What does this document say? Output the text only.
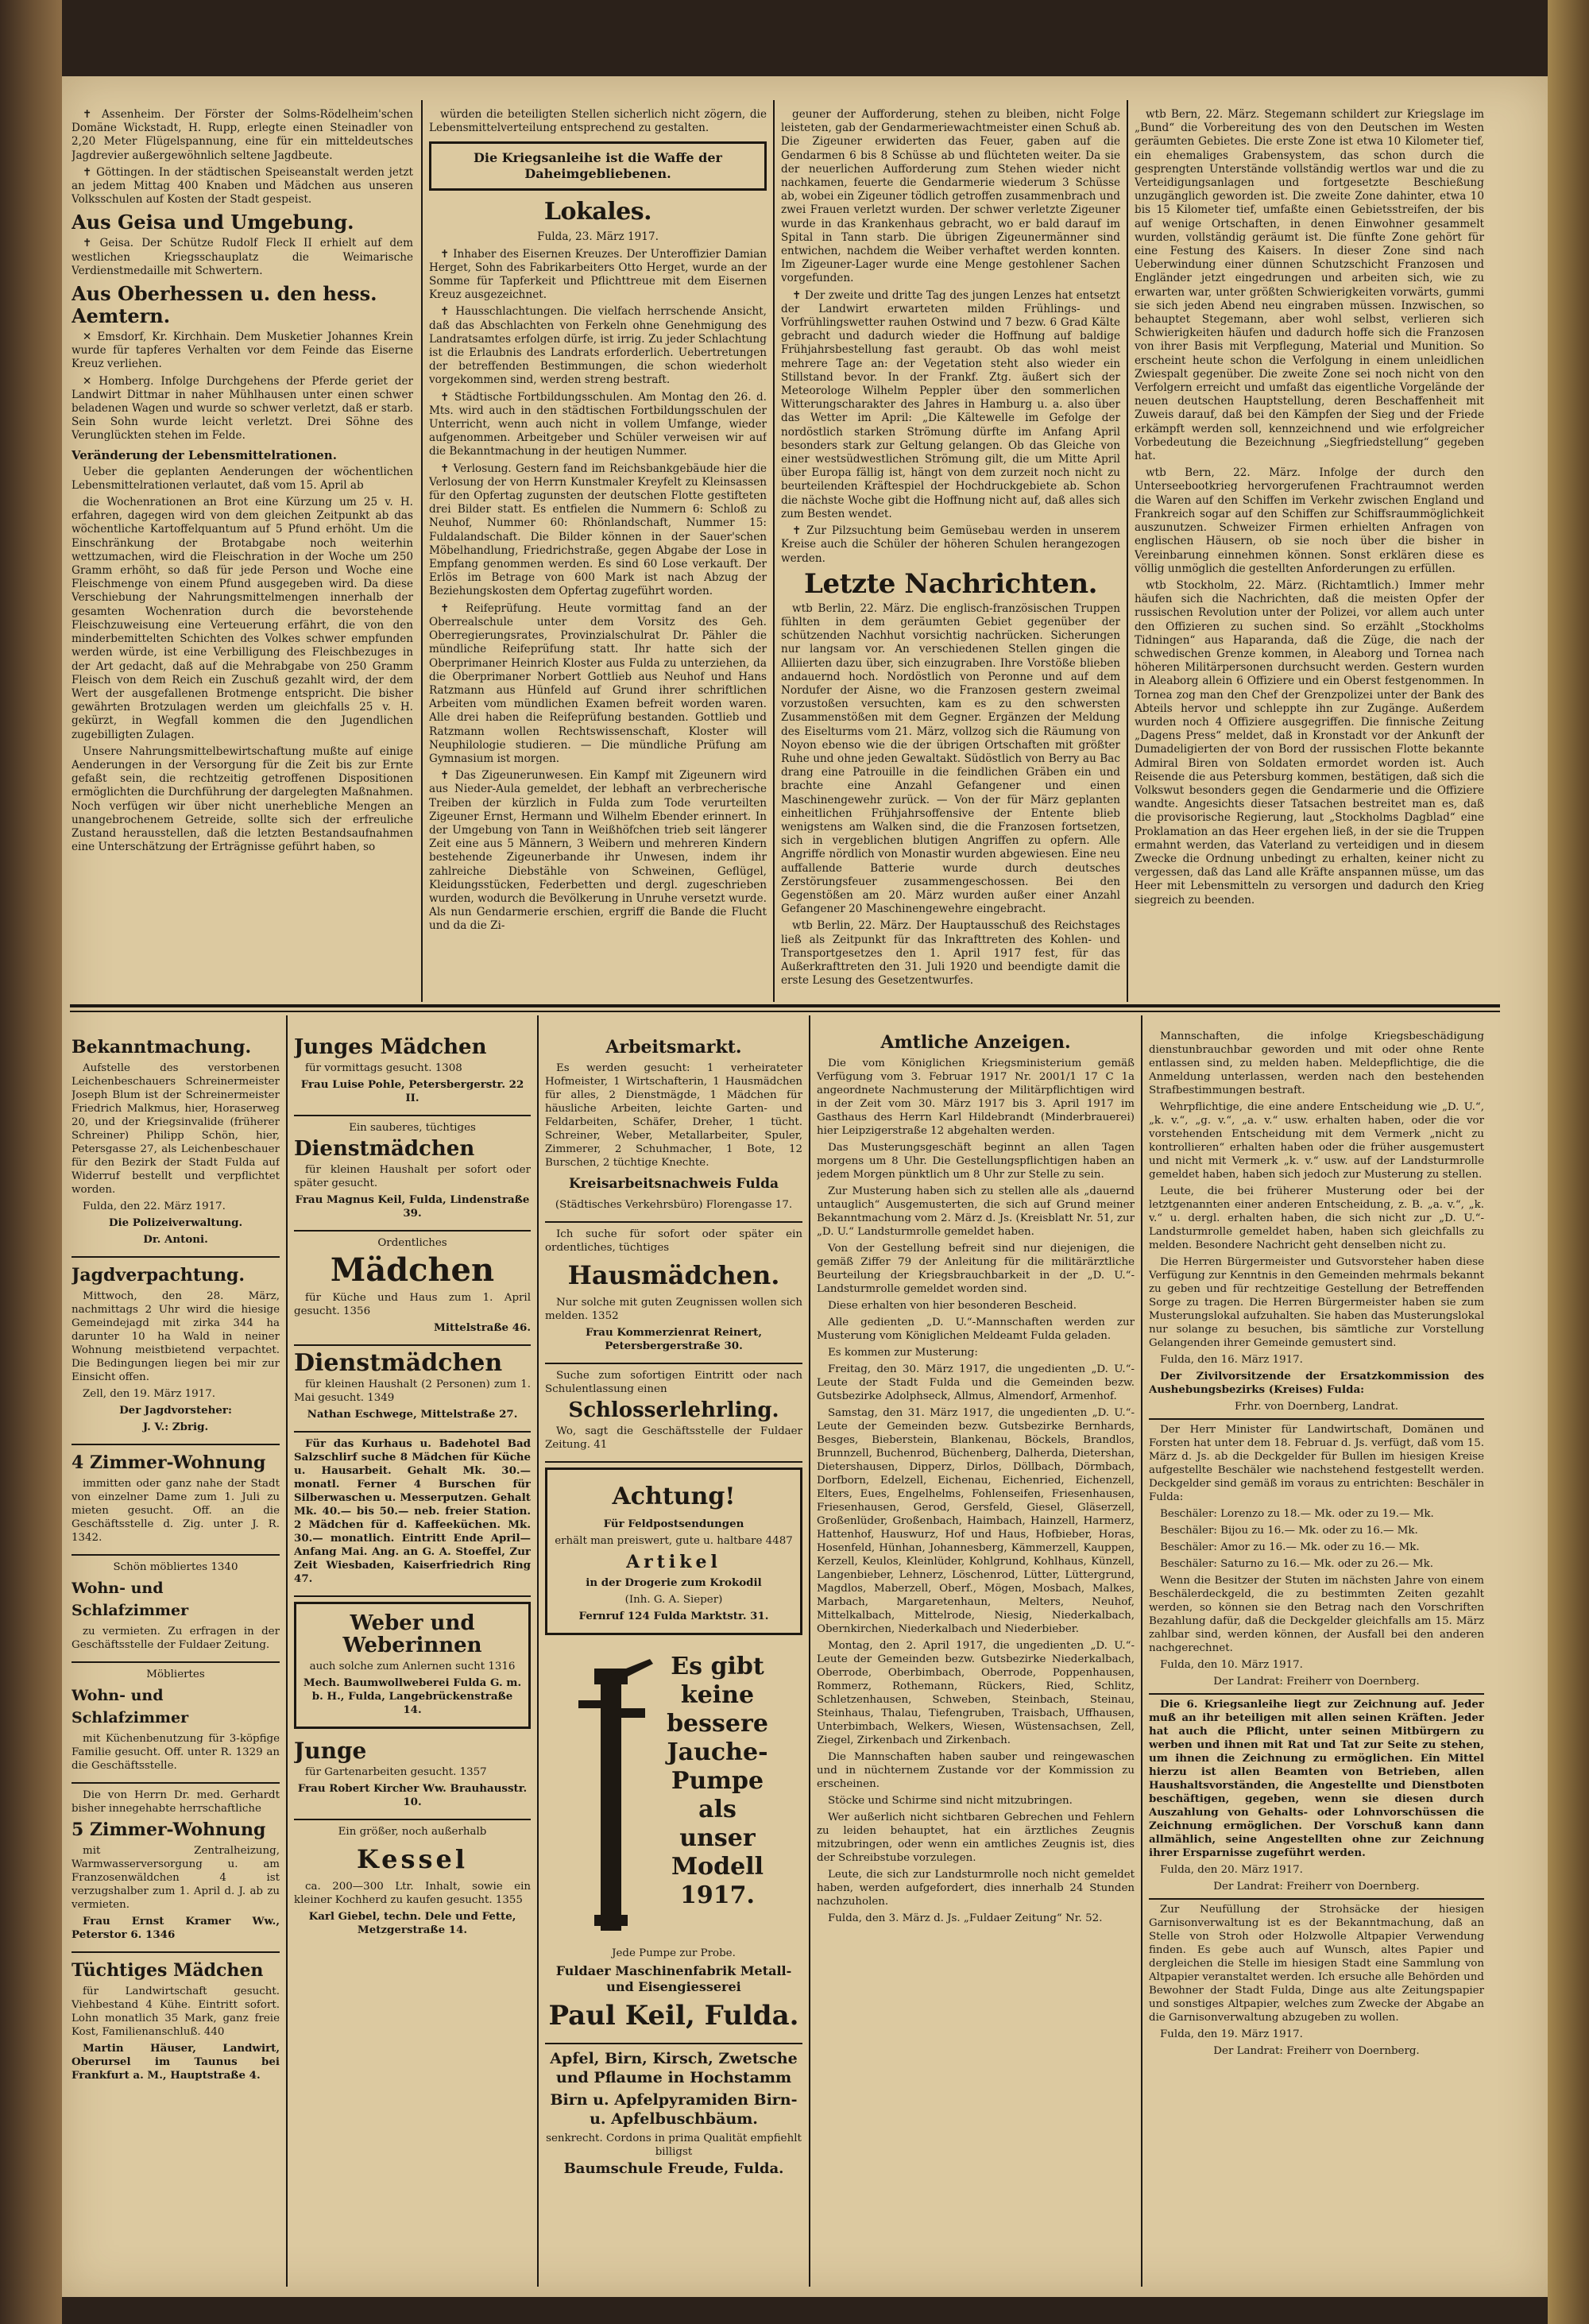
✝ Assenheim. Der Förster der Solms-Rödelheim'schen Domäne Wickstadt, H. Rupp, erlegte einen Steinadler von 2,20 Meter Flügelspannung, eine für ein mitteldeutsches Jagdrevier außergewöhnlich seltene Jagdbeute.

✝ Göttingen. In der städtischen Speiseanstalt werden jetzt an jedem Mittag 400 Knaben und Mädchen aus unseren Volksschulen auf Kosten der Stadt gespeist.

Aus Geisa und Umgebung.

✝ Geisa. Der Schütze Rudolf Fleck II erhielt auf dem westlichen Kriegsschauplatz die Weimarische Verdienstmedaille mit Schwertern.

Aus Oberhessen u. den hess. Aemtern.

✕ Emsdorf, Kr. Kirchhain. Dem Musketier Johannes Krein wurde für tapferes Verhalten vor dem Feinde das Eiserne Kreuz verliehen.

✕ Homberg. Infolge Durchgehens der Pferde geriet der Landwirt Dittmar in naher Mühlhausen unter einen schwer beladenen Wagen und wurde so schwer verletzt, daß er starb. Sein Sohn wurde leicht verletzt. Drei Söhne des Verunglückten stehen im Felde.

Veränderung der Lebensmittelrationen.

Ueber die geplanten Aenderungen der wöchentlichen Lebensmittelrationen verlautet, daß vom 15. April ab

die Wochenrationen an Brot eine Kürzung um 25 v. H. erfahren, dagegen wird von dem gleichen Zeitpunkt ab das wöchentliche Kartoffelquantum auf 5 Pfund erhöht. Um die Einschränkung der Brotabgabe noch weiterhin wettzumachen, wird die Fleischration in der Woche um 250 Gramm erhöht, so daß für jede Person und Woche eine Fleischmenge von einem Pfund ausgegeben wird. Da diese Verschiebung der Nahrungsmittelmengen innerhalb der gesamten Wochenration durch die bevorstehende Fleischzuweisung eine Verteuerung erfährt, die von den minderbemittelten Schichten des Volkes schwer empfunden werden würde, ist eine Verbilligung des Fleischbezuges in der Art gedacht, daß auf die Mehrabgabe von 250 Gramm Fleisch von dem Reich ein Zuschuß gezahlt wird, der dem Wert der ausgefallenen Brotmenge entspricht. Die bisher gewährten Brotzulagen werden um gleichfalls 25 v. H. gekürzt, in Wegfall kommen die den Jugendlichen zugebilligten Zulagen.

Unsere Nahrungsmittelbewirtschaftung mußte auf einige Aenderungen in der Versorgung für die Zeit bis zur Ernte gefaßt sein, die rechtzeitig getroffenen Dispositionen ermöglichten die Durchführung der dargelegten Maßnahmen. Noch verfügen wir über nicht unerhebliche Mengen an unangebrochenem Getreide, sollte sich der erfreuliche Zustand herausstellen, daß die letzten Bestandsaufnahmen eine Unterschätzung der Erträgnisse geführt haben, so

würden die beteiligten Stellen sicherlich nicht zögern, die Lebensmittelverteilung entsprechend zu gestalten.

Die Kriegsanleihe ist die Waffe der Daheimgebliebenen.
Lokales.

Fulda, 23. März 1917.

✝ Inhaber des Eisernen Kreuzes. Der Unteroffizier Damian Herget, Sohn des Fabrikarbeiters Otto Herget, wurde an der Somme für Tapferkeit und Pflichttreue mit dem Eisernen Kreuz ausgezeichnet.

✝ Hausschlachtungen. Die vielfach herrschende Ansicht, daß das Abschlachten von Ferkeln ohne Genehmigung des Landratsamtes erfolgen dürfe, ist irrig. Zu jeder Schlachtung ist die Erlaubnis des Landrats erforderlich. Uebertretungen der betreffenden Bestimmungen, die schon wiederholt vorgekommen sind, werden streng bestraft.

✝ Städtische Fortbildungsschulen. Am Montag den 26. d. Mts. wird auch in den städtischen Fortbildungsschulen der Unterricht, wenn auch nicht in vollem Umfange, wieder aufgenommen. Arbeitgeber und Schüler verweisen wir auf die Bekanntmachung in der heutigen Nummer.

✝ Verlosung. Gestern fand im Reichsbankgebäude hier die Verlosung der von Herrn Kunstmaler Kreyfelt zu Kleinsassen für den Opfertag zugunsten der deutschen Flotte gestifteten drei Bilder statt. Es entfielen die Nummern 6: Schloß zu Neuhof, Nummer 60: Rhönlandschaft, Nummer 15: Fuldalandschaft. Die Bilder können in der Sauer'schen Möbelhandlung, Friedrichstraße, gegen Abgabe der Lose in Empfang genommen werden. Es sind 60 Lose verkauft. Der Erlös im Betrage von 600 Mark ist nach Abzug der Beziehungskosten dem Opfertag zugeführt worden.

✝ Reifeprüfung. Heute vormittag fand an der Oberrealschule unter dem Vorsitz des Geh. Oberregierungsrates, Provinzialschulrat Dr. Pähler die mündliche Reifeprüfung statt. Ihr hatte sich der Oberprimaner Heinrich Kloster aus Fulda zu unterziehen, da die Oberprimaner Norbert Gottlieb aus Neuhof und Hans Ratzmann aus Hünfeld auf Grund ihrer schriftlichen Arbeiten vom mündlichen Examen befreit worden waren. Alle drei haben die Reifeprüfung bestanden. Gottlieb und Ratzmann wollen Rechtswissenschaft, Kloster will Neuphilologie studieren. — Die mündliche Prüfung am Gymnasium ist morgen.

✝ Das Zigeunerunwesen. Ein Kampf mit Zigeunern wird aus Nieder-Aula gemeldet, der lebhaft an verbrecherische Treiben der kürzlich in Fulda zum Tode verurteilten Zigeuner Ernst, Hermann und Wilhelm Ebender erinnert. In der Umgebung von Tann in Weißhöfchen trieb seit längerer Zeit eine aus 5 Männern, 3 Weibern und mehreren Kindern bestehende Zigeunerbande ihr Unwesen, indem ihr zahlreiche Diebstähle von Schweinen, Geflügel, Kleidungsstücken, Federbetten und dergl. zugeschrieben wurden, wodurch die Bevölkerung in Unruhe versetzt wurde. Als nun Gendarmerie erschien, ergriff die Bande die Flucht und da die Zi-

geuner der Aufforderung, stehen zu bleiben, nicht Folge leisteten, gab der Gendarmeriewachtmeister einen Schuß ab. Die Zigeuner erwiderten das Feuer, gaben auf die Gendarmen 6 bis 8 Schüsse ab und flüchteten weiter. Da sie der neuerlichen Aufforderung zum Stehen wieder nicht nachkamen, feuerte die Gendarmerie wiederum 3 Schüsse ab, wobei ein Zigeuner tödlich getroffen zusammenbrach und zwei Frauen verletzt wurden. Der schwer verletzte Zigeuner wurde in das Krankenhaus gebracht, wo er bald darauf im Spital in Tann starb. Die übrigen Zigeunermänner sind entwichen, nachdem die Weiber verhaftet werden konnten. Im Zigeuner-Lager wurde eine Menge gestohlener Sachen vorgefunden.

✝ Der zweite und dritte Tag des jungen Lenzes hat entsetzt der Landwirt erwarteten milden Frühlings- und Vorfrühlingswetter rauhen Ostwind und 7 bezw. 6 Grad Kälte gebracht und dadurch wieder die Hoffnung auf baldige Frühjahrsbestellung fast geraubt. Ob das wohl meist mehrere Tage an: der Vegetation steht also wieder ein Stillstand bevor. In der Frankf. Ztg. äußert sich der Meteorologe Wilhelm Peppler über den sommerlichen Witterungscharakter des Jahres in Hamburg u. a. also über das Wetter im April: „Die Kältewelle im Gefolge der nordöstlich starken Strömung dürfte im Anfang April besonders stark zur Geltung gelangen. Ob das Gleiche von einer westsüdwestlichen Strömung gilt, die um Mitte April über Europa fällig ist, hängt von dem zurzeit noch nicht zu beurteilenden Kräftespiel der Hochdruckgebiete ab. Schon die nächste Woche gibt die Hoffnung nicht auf, daß alles sich zum Besten wendet.

✝ Zur Pilzsuchtung beim Gemüsebau werden in unserem Kreise auch die Schüler der höheren Schulen herangezogen werden.

Letzte Nachrichten.

wtb Berlin, 22. März. Die englisch-französischen Truppen fühlten in dem geräumten Gebiet gegenüber der schützenden Nachhut vorsichtig nachrücken. Sicherungen nur langsam vor. An verschiedenen Stellen gingen die Alliierten dazu über, sich einzugraben. Ihre Vorstöße blieben andauernd hoch. Nordöstlich von Peronne und auf dem Nordufer der Aisne, wo die Franzosen gestern zweimal vorzustoßen versuchten, kam es zu den schwersten Zusammenstößen mit dem Gegner. Ergänzen der Meldung des Eiselturms vom 21. März, vollzog sich die Räumung von Noyon ebenso wie die der übrigen Ortschaften mit größter Ruhe und ohne jeden Gewaltakt. Südöstlich von Berry au Bac drang eine Patrouille in die feindlichen Gräben ein und brachte eine Anzahl Gefangener und einen Maschinengewehr zurück. — Von der für März geplanten einheitlichen Frühjahrsoffensive der Entente blieb wenigstens am Walken sind, die die Franzosen fortsetzen, sich in vergeblichen blutigen Angriffen zu opfern. Alle Angriffe nördlich von Monastir wurden abgewiesen. Eine neu auffallende Batterie wurde durch deutsches Zerstörungsfeuer zusammengeschossen. Bei den Gegenstößen am 20. März wurden außer einer Anzahl Gefangener 20 Maschinengewehre eingebracht.

wtb Berlin, 22. März. Der Hauptausschuß des Reichstages ließ als Zeitpunkt für das Inkrafttreten des Kohlen- und Transportgesetzes den 1. April 1917 fest, für das Außerkrafttreten den 31. Juli 1920 und beendigte damit die erste Lesung des Gesetzentwurfes.

wtb Bern, 22. März. Stegemann schildert zur Kriegslage im „Bund“ die Vorbereitung des von den Deutschen im Westen geräumten Gebietes. Die erste Zone ist etwa 10 Kilometer tief, ein ehemaliges Grabensystem, das schon durch die gesprengten Unterstände vollständig wertlos war und die zu Verteidigungsanlagen und fortgesetzte Beschießung unzugänglich geworden ist. Die zweite Zone dahinter, etwa 10 bis 15 Kilometer tief, umfaßte einen Gebietsstreifen, der bis auf wenige Ortschaften, in denen Einwohner gesammelt wurden, vollständig geräumt ist. Die fünfte Zone gehört für eine Festung des Kaisers. In dieser Zone sind nach Ueberwindung einer dünnen Schutzschicht Franzosen und Engländer jetzt eingedrungen und arbeiten sich, wie zu erwarten war, unter größten Schwierigkeiten vorwärts, gummi sie sich jeden Abend neu eingraben müssen. Inzwischen, so behauptet Stegemann, aber wohl selbst, verlieren sich Schwierigkeiten häufen und dadurch hoffe sich die Franzosen von ihrer Basis mit Verpflegung, Material und Munition. So erscheint heute schon die Verfolgung in einem unleidlichen Zwiespalt gegenüber. Die zweite Zone sei noch nicht von den Verfolgern erreicht und umfaßt das eigentliche Vorgelände der neuen deutschen Hauptstellung, deren Beschaffenheit mit Zuweis darauf, daß bei den Kämpfen der Sieg und der Friede erkämpft werden soll, kennzeichnend und wie erfolgreicher Vorbedeutung die Bezeichnung „Siegfriedstellung“ gegeben hat.

wtb Bern, 22. März. Infolge der durch den Unterseebootkrieg hervorgerufenen Frachtraumnot werden die Waren auf den Schiffen im Verkehr zwischen England und Frankreich sogar auf den Schiffen zur Schiffsraummöglichkeit auszunutzen. Schweizer Firmen erhielten Anfragen von englischen Häusern, ob sie noch über die bisher in Vereinbarung einnehmen können. Sonst erklären diese es völlig unmöglich die gestellten Anforderungen zu erfüllen.

wtb Stockholm, 22. März. (Richtamtlich.) Immer mehr häufen sich die Nachrichten, daß die meisten Opfer der russischen Revolution unter der Polizei, vor allem auch unter den Offizieren zu suchen sind. So erzählt „Stockholms Tidningen“ aus Haparanda, daß die Züge, die nach der schwedischen Grenze kommen, in Aleaborg und Tornea nach höheren Militärpersonen durchsucht werden. Gestern wurden in Aleaborg allein 6 Offiziere und ein Oberst festgenommen. In Tornea zog man den Chef der Grenzpolizei unter der Bank des Abteils hervor und schleppte ihn zur Zugänge. Außerdem wurden noch 4 Offiziere ausgegriffen. Die finnische Zeitung „Dagens Press“ meldet, daß in Kronstadt vor der Ankunft der Dumadeligierten der von Bord der russischen Flotte bekannte Admiral Biren von Soldaten ermordet worden ist. Auch Reisende die aus Petersburg kommen, bestätigen, daß sich die Volkswut besonders gegen die Gendarmerie und die Offiziere wandte. Angesichts dieser Tatsachen bestreitet man es, daß die provisorische Regierung, laut „Stockholms Dagblad“ eine Proklamation an das Heer ergehen ließ, in der sie die Truppen ermahnt werden, das Vaterland zu verteidigen und in diesem Zwecke die Ordnung unbedingt zu erhalten, keiner nicht zu vergessen, daß das Land alle Kräfte anspannen müsse, um das Heer mit Lebensmitteln zu versorgen und dadurch den Krieg siegreich zu beenden.

Bekanntmachung.

Aufstelle des verstorbenen Leichenbeschauers Schreinermeister Joseph Blum ist der Schreinermeister Friedrich Malkmus, hier, Horaserweg 20, und der Kriegsinvalide (früherer Schreiner) Philipp Schön, hier, Petersgasse 27, als Leichenbeschauer für den Bezirk der Stadt Fulda auf Widerruf bestellt und verpflichtet worden.

Fulda, den 22. März 1917.

Die Polizeiverwaltung.

Dr. Antoni.

Jagdverpachtung.

Mittwoch, den 28. März, nachmittags 2 Uhr wird die hiesige Gemeindejagd mit zirka 344 ha darunter 10 ha Wald in neiner Wohnung meistbietend verpachtet. Die Bedingungen liegen bei mir zur Einsicht offen.

Zell, den 19. März 1917.

Der Jagdvorsteher:

J. V.: Zbrig.

4 Zimmer-Wohnung

immitten oder ganz nahe der Stadt von einzelner Dame zum 1. Juli zu mieten gesucht. Off. an die Geschäftsstelle d. Zig. unter J. R. 1342.

Schön möbliertes 1340

Wohn- und Schlafzimmer

zu vermieten. Zu erfragen in der Geschäftsstelle der Fuldaer Zeitung.

Möbliertes

Wohn- und Schlafzimmer

mit Küchenbenutzung für 3-köpfige Familie gesucht. Off. unter R. 1329 an die Geschäftsstelle.

Die von Herrn Dr. med. Gerhardt bisher innegehabte herrschaftliche

5 Zimmer-Wohnung

mit Zentralheizung, Warmwasserversorgung u. am Franzosenwäldchen 4 ist verzugshalber zum 1. April d. J. ab zu vermieten.

Frau Ernst Kramer Ww., Peterstor 6. 1346

Tüchtiges Mädchen

für Landwirtschaft gesucht. Viehbestand 4 Kühe. Eintritt sofort. Lohn monatlich 35 Mark, ganz freie Kost, Familienanschluß. 440

Martin Häuser, Landwirt, Oberursel im Taunus bei Frankfurt a. M., Hauptstraße 4.

Junges Mädchen

für vormittags gesucht. 1308

Frau Luise Pohle, Petersbergerstr. 22 II.

Ein sauberes, tüchtiges

Dienstmädchen

für kleinen Haushalt per sofort oder später gesucht.

Frau Magnus Keil, Fulda, Lindenstraße 39.

Ordentliches

Mädchen

für Küche und Haus zum 1. April gesucht. 1356

Mittelstraße 46.

Dienstmädchen

für kleinen Haushalt (2 Personen) zum 1. Mai gesucht. 1349

Nathan Eschwege, Mittelstraße 27.

Für das Kurhaus u. Badehotel Bad Salzschlirf suche 8 Mädchen für Küche u. Hausarbeit. Gehalt Mk. 30.— monatl. Ferner 4 Burschen für Silberwaschen u. Messerputzen. Gehalt Mk. 40.— bis 50.— neb. freier Station. 2 Mädchen für d. Kaffeeküchen. Mk. 30.— monatlich. Eintritt Ende April—Anfang Mai. Ang. an G. A. Stoeffel, Zur Zeit Wiesbaden, Kaiserfriedrich Ring 47.

Weber und Weberinnen

auch solche zum Anlernen sucht 1316

Mech. Baumwollweberei Fulda G. m. b. H., Fulda, Langebrückenstraße 14.

Junge

für Gartenarbeiten gesucht. 1357

Frau Robert Kircher Ww. Brauhausstr. 10.

Ein größer, noch außerhalb

Kessel

ca. 200—300 Ltr. Inhalt, sowie ein kleiner Kochherd zu kaufen gesucht. 1355

Karl Giebel, techn. Dele und Fette, Metzgerstraße 14.

Arbeitsmarkt.

Es werden gesucht: 1 verheirateter Hofmeister, 1 Wirtschafterin, 1 Hausmädchen für alles, 2 Dienstmägde, 1 Mädchen für häusliche Arbeiten, leichte Garten- und Feldarbeiten, Schäfer, Dreher, 1 tücht. Schreiner, Weber, Metallarbeiter, Spuler, Zimmerer, 2 Schuhmacher, 1 Bote, 12 Burschen, 2 tüchtige Knechte.

Kreisarbeitsnachweis Fulda

(Städtisches Verkehrsbüro) Florengasse 17.

Ich suche für sofort oder später ein ordentliches, tüchtiges

Hausmädchen.

Nur solche mit guten Zeugnissen wollen sich melden. 1352

Frau Kommerzienrat Reinert, Petersbergerstraße 30.

Suche zum sofortigen Eintritt oder nach Schulentlassung einen

Schlosserlehrling.

Wo, sagt die Geschäftsstelle der Fuldaer Zeitung. 41

Achtung!

Für Feldpostsendungen

erhält man preiswert, gute u. haltbare 4487

Artikel

in der Drogerie zum Krokodil

(Inh. G. A. Sieper)

Fernruf 124 Fulda Marktstr. 31.

Es gibt keine bessere Jauche-Pumpe als unser Modell 1917.

Jede Pumpe zur Probe.

Fuldaer Maschinenfabrik Metall- und Eisengiesserei

Paul Keil, Fulda.

Apfel, Birn, Kirsch, Zwetsche und Pflaume in Hochstamm

Birn u. Apfelpyramiden Birn-u. Apfelbuschbäum.

senkrecht. Cordons in prima Qualität empfiehlt billigst

Baumschule Freude, Fulda.

Amtliche Anzeigen.

Die vom Königlichen Kriegsministerium gemäß Verfügung vom 3. Februar 1917 Nr. 2001/1 17 C 1a angeordnete Nachmusterung der Militärpflichtigen wird in der Zeit vom 30. März 1917 bis 3. April 1917 im Gasthaus des Herrn Karl Hildebrandt (Minderbrauerei) hier Leipzigerstraße 12 abgehalten werden.

Das Musterungsgeschäft beginnt an allen Tagen morgens um 8 Uhr. Die Gestellungspflichtigen haben an jedem Morgen pünktlich um 8 Uhr zur Stelle zu sein.

Zur Musterung haben sich zu stellen alle als „dauernd untauglich“ Ausgemusterten, die sich auf Grund meiner Bekanntmachung vom 2. März d. Js. (Kreisblatt Nr. 51, zur „D. U.“ Landsturmrolle gemeldet haben.

Von der Gestellung befreit sind nur diejenigen, die gemäß Ziffer 79 der Anleitung für die militärärztliche Beurteilung der Kriegsbrauchbarkeit in der „D. U.“-Landsturmrolle gemeldet worden sind.

Diese erhalten von hier besonderen Bescheid.

Alle gedienten „D. U.“-Mannschaften werden zur Musterung vom Königlichen Meldeamt Fulda geladen.

Es kommen zur Musterung:

Freitag, den 30. März 1917, die ungedienten „D. U.“-Leute der Stadt Fulda und die Gemeinden bezw. Gutsbezirke Adolphseck, Allmus, Almendorf, Armenhof.

Samstag, den 31. März 1917, die ungedienten „D. U.“-Leute der Gemeinden bezw. Gutsbezirke Bernhards, Besges, Bieberstein, Blankenau, Böckels, Brandlos, Brunnzell, Buchenrod, Büchenberg, Dalherda, Dietershan, Dietershausen, Dipperz, Dirlos, Döllbach, Dörmbach, Dorfborn, Edelzell, Eichenau, Eichenried, Eichenzell, Elters, Eues, Engelhelms, Fohlenseifen, Friesenhausen, Friesenhausen, Gerod, Gersfeld, Giesel, Gläserzell, Großenlüder, Großenbach, Haimbach, Hainzell, Harmerz, Hattenhof, Hauswurz, Hof und Haus, Hofbieber, Horas, Hosenfeld, Hünhan, Johannesberg, Kämmerzell, Kauppen, Kerzell, Keulos, Kleinlüder, Kohlgrund, Kohlhaus, Künzell, Langenbieber, Lehnerz, Löschenrod, Lütter, Lüttergrund, Magdlos, Maberzell, Oberf., Mögen, Mosbach, Malkes, Marbach, Margaretenhaun, Melters, Neuhof, Mittelkalbach, Mittelrode, Niesig, Niederkalbach, Obernkirchen, Niederkalbach und Niederbieber.

Montag, den 2. April 1917, die ungedienten „D. U.“-Leute der Gemeinden bezw. Gutsbezirke Niederkalbach, Oberrode, Oberbimbach, Oberrode, Poppenhausen, Rommerz, Rothemann, Rückers, Ried, Schlitz, Schletzenhausen, Schweben, Steinbach, Steinau, Steinhaus, Thalau, Tiefengruben, Traisbach, Uffhausen, Unterbimbach, Welkers, Wiesen, Wüstensachsen, Zell, Ziegel, Zirkenbach und Zirkenbach.

Die Mannschaften haben sauber und reingewaschen und in nüchternem Zustande vor der Kommission zu erscheinen.

Stöcke und Schirme sind nicht mitzubringen.

Wer außerlich nicht sichtbaren Gebrechen und Fehlern zu leiden behauptet, hat ein ärztliches Zeugnis mitzubringen, oder wenn ein amtliches Zeugnis ist, dies der Schreibstube vorzulegen.

Leute, die sich zur Landsturmrolle noch nicht gemeldet haben, werden aufgefordert, dies innerhalb 24 Stunden nachzuholen.

Fulda, den 3. März d. Js. „Fuldaer Zeitung“ Nr. 52.

Mannschaften, die infolge Kriegsbeschädigung dienstunbrauchbar geworden und mit oder ohne Rente entlassen sind, zu melden haben. Meldepflichtige, die die Anmeldung unterlassen, werden nach den bestehenden Strafbestimmungen bestraft.

Wehrpflichtige, die eine andere Entscheidung wie „D. U.“, „k. v.“, „g. v.“, „a. v.“ usw. erhalten haben, oder die vor vorstehenden Entscheidung mit dem Vermerk „nicht zu kontrollieren“ erhalten haben oder die früher ausgemustert und nicht mit Vermerk „k. v.“ usw. auf der Landsturmrolle gemeldet haben, haben sich jedoch zur Musterung zu stellen.

Leute, die bei früherer Musterung oder bei der letztgenannten einer anderen Entscheidung, z. B. „a. v.“, „k. v.“ u. dergl. erhalten haben, die sich nicht zur „D. U.“-Landsturmrolle gemeldet haben, haben sich gleichfalls zu melden. Besondere Nachricht geht denselben nicht zu.

Die Herren Bürgermeister und Gutsvorsteher haben diese Verfügung zur Kenntnis in den Gemeinden mehrmals bekannt zu geben und für rechtzeitige Gestellung der Betreffenden Sorge zu tragen. Die Herren Bürgermeister haben sie zum Musterungslokal aufzuhalten. Sie haben das Musterungslokal nur solange zu besuchen, bis sämtliche zur Vorstellung Gelangenden ihrer Gemeinde gemustert sind.

Fulda, den 16. März 1917.

Der Zivilvorsitzende der Ersatzkommission des Aushebungsbezirks (Kreises) Fulda:

Frhr. von Doernberg, Landrat.

Der Herr Minister für Landwirtschaft, Domänen und Forsten hat unter dem 18. Februar d. Js. verfügt, daß vom 15. März d. Js. ab die Deckgelder für Bullen im hiesigen Kreise aufgestellte Beschäler wie nachstehend festgestellt werden. Deckgelder sind gemäß im voraus zu entrichten: Beschäler in Fulda:

Beschäler: Lorenzo zu 18.— Mk. oder zu 19.— Mk.

Beschäler: Bijou zu 16.— Mk. oder zu 16.— Mk.

Beschäler: Amor zu 16.— Mk. oder zu 16.— Mk.

Beschäler: Saturno zu 16.— Mk. oder zu 26.— Mk.

Wenn die Besitzer der Stuten im nächsten Jahre von einem Beschälerdeckgeld, die zu bestimmten Zeiten gezahlt werden, so können sie den Betrag nach den Vorschriften Bezahlung dafür, daß die Deckgelder gleichfalls am 15. März zahlbar sind, werden können, der Ausfall bei den anderen nachgerechnet.

Fulda, den 10. März 1917.

Der Landrat: Freiherr von Doernberg.

Die 6. Kriegsanleihe liegt zur Zeichnung auf. Jeder muß an ihr beteiligen mit allen seinen Kräften. Jeder hat auch die Pflicht, unter seinen Mitbürgern zu werben und ihnen mit Rat und Tat zur Seite zu stehen, um ihnen die Zeichnung zu ermöglichen. Ein Mittel hierzu ist allen Beamten von Betrieben, allen Haushaltsvorständen, die Angestellte und Dienstboten beschäftigen, gegeben, wenn sie diesen durch Auszahlung von Gehalts- oder Lohnvorschüssen die Zeichnung ermöglichen. Der Vorschuß kann dann allmählich, seine Angestellten ohne zur Zeichnung ihrer Ersparnisse zugeführt werden.

Fulda, den 20. März 1917.

Der Landrat: Freiherr von Doernberg.

Zur Neufüllung der Strohsäcke der hiesigen Garnisonverwaltung ist es der Bekanntmachung, daß an Stelle von Stroh oder Holzwolle Altpapier Verwendung finden. Es gebe auch auf Wunsch, altes Papier und dergleichen die Stelle im hiesigen Stadt eine Sammlung von Altpapier veranstaltet werden. Ich ersuche alle Behörden und Bewohner der Stadt Fulda, Dinge aus alte Zeitungspapier und sonstiges Altpapier, welches zum Zwecke der Abgabe an die Garnisonverwaltung abzugeben zu wollen.

Fulda, den 19. März 1917.

Der Landrat: Freiherr von Doernberg.
